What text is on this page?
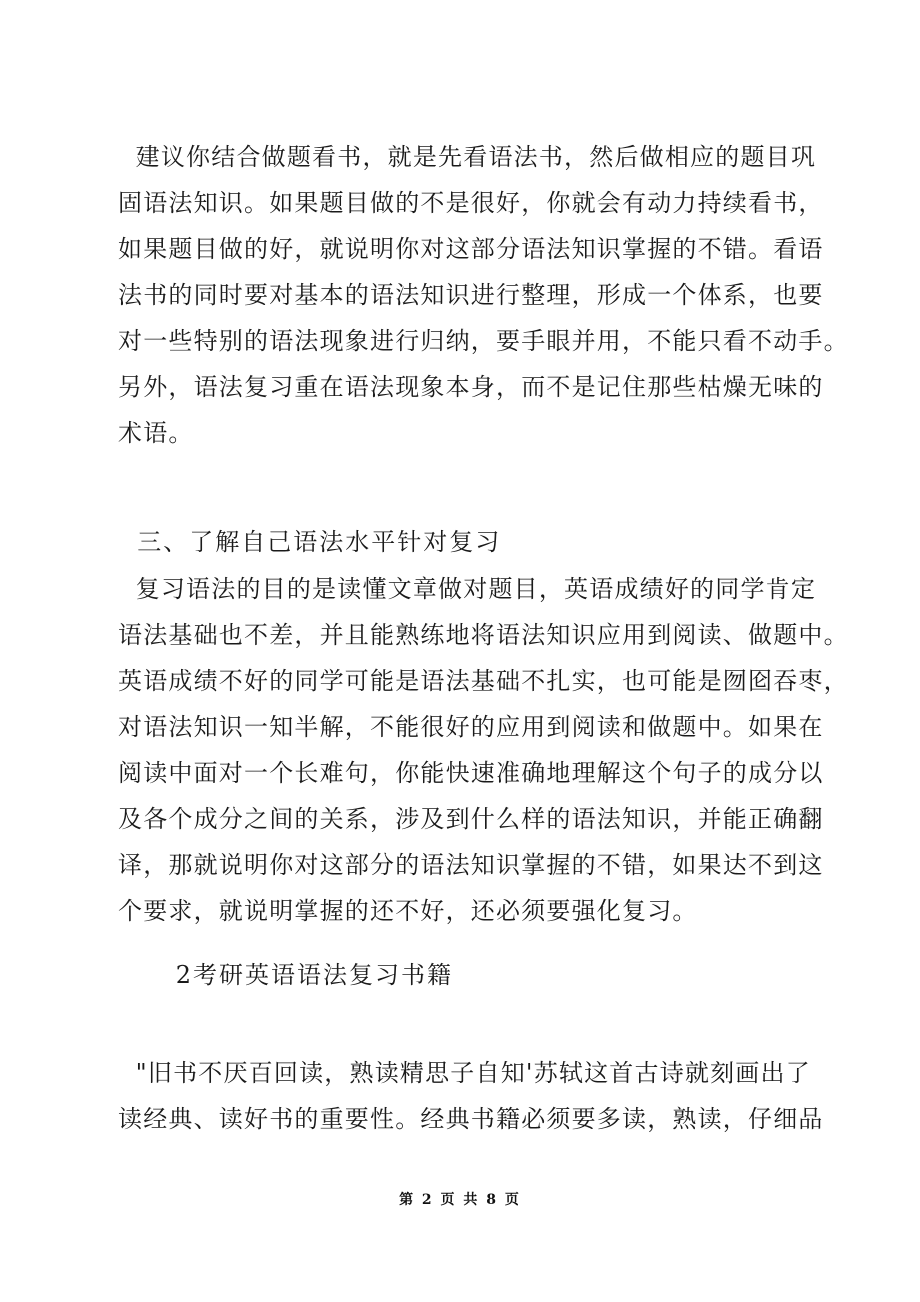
建议你结合做题看书，就是先看语法书，然后做相应的题目巩
固语法知识。如果题目做的不是很好，你就会有动力持续看书，
如果题目做的好，就说明你对这部分语法知识掌握的不错。看语
法书的同时要对基本的语法知识进行整理，形成一个体系，也要
对一些特别的语法现象进行归纳，要手眼并用，不能只看不动手。
另外，语法复习重在语法现象本身，而不是记住那些枯燥无味的
术语。
三、了解自己语法水平针对复习
复习语法的目的是读懂文章做对题目，英语成绩好的同学肯定
语法基础也不差，并且能熟练地将语法知识应用到阅读、做题中。
英语成绩不好的同学可能是语法基础不扎实，也可能是囫囵吞枣，
对语法知识一知半解，不能很好的应用到阅读和做题中。如果在
阅读中面对一个长难句，你能快速准确地理解这个句子的成分以
及各个成分之间的关系，涉及到什么样的语法知识，并能正确翻
译，那就说明你对这部分的语法知识掌握的不错，如果达不到这
个要求，就说明掌握的还不好，还必须要强化复习。
2考研英语语法复习书籍
"旧书不厌百回读，熟读精思子自知'苏轼这首古诗就刻画出了
读经典、读好书的重要性。经典书籍必须要多读，熟读，仔细品
第 2 页 共 8 页
